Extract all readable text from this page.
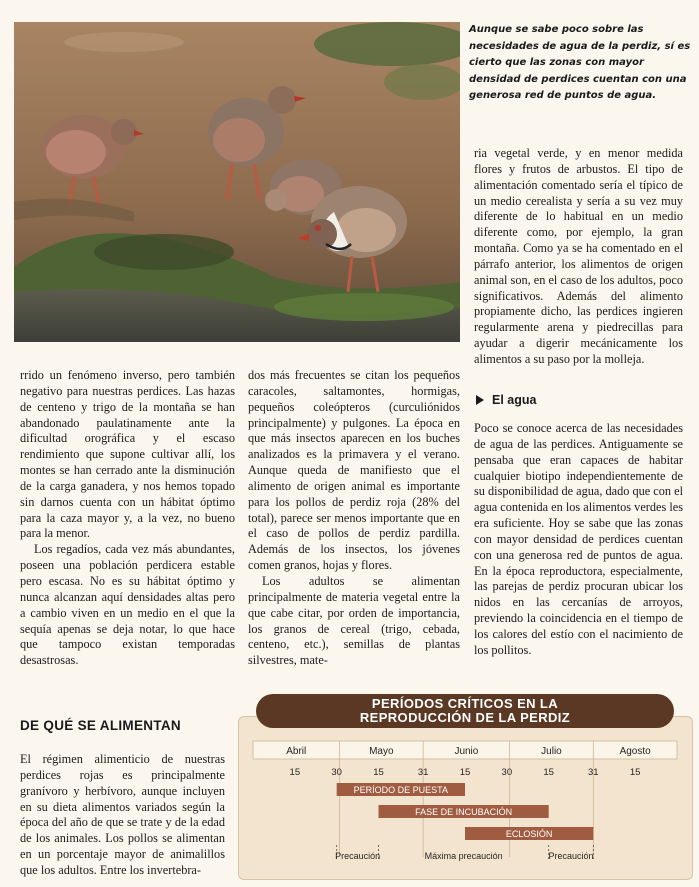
Aunque se sabe poco sobre las necesidades de agua de la perdiz, sí es cierto que las zonas con mayor densidad de perdices cuentan con una generosa red de puntos de agua.

rrido un fenómeno inverso, pero también negativo para nuestras perdices. Las hazas de centeno y trigo de la montaña se han abandonado paulatinamente ante la dificultad orográfica y el escaso rendimiento que supone cultivar allí, los montes se han cerrado ante la disminución de la carga ganadera, y nos hemos topado sin darnos cuenta con un hábitat óptimo para la caza mayor y, a la vez, no bueno para la menor.

Los regadíos, cada vez más abundantes, poseen una población perdicera estable pero escasa. No es su hábitat óptimo y nunca alcanzan aquí densidades altas pero a cambio viven en un medio en el que la sequía apenas se deja notar, lo que hace que tampoco existan temporadas desastrosas.

dos más frecuentes se citan los pequeños caracoles, saltamontes, hormigas, pequeños coleópteros (curculiónidos principalmente) y pulgones. La época en que más insectos aparecen en los buches analizados es la primavera y el verano. Aunque queda de manifiesto que el alimento de origen animal es importante para los pollos de perdiz roja (28% del total), parece ser menos importante que en el caso de pollos de perdiz pardilla. Además de los insectos, los jóvenes comen granos, hojas y flores.

Los adultos se alimentan principalmente de materia vegetal entre la que cabe citar, por orden de importancia, los granos de cereal (trigo, cebada, centeno, etc.), semillas de plantas silvestres, mate-

ria vegetal verde, y en menor medida flores y frutos de arbustos. El tipo de alimentación comentado sería el típico de un medio cerealista y sería a su vez muy diferente de lo habitual en un medio diferente como, por ejemplo, la gran montaña. Como ya se ha comentado en el párrafo anterior, los alimentos de origen animal son, en el caso de los adultos, poco significativos. Además del alimento propiamente dicho, las perdices ingieren regularmente arena y piedrecillas para ayudar a digerir mecánicamente los alimentos a su paso por la molleja.

El agua

Poco se conoce acerca de las necesidades de agua de las perdices. Antiguamente se pensaba que eran capaces de habitar cualquier biotipo independientemente de su disponibilidad de agua, dado que con el agua contenida en los alimentos verdes les era suficiente. Hoy se sabe que las zonas con mayor densidad de perdices cuentan con una generosa red de puntos de agua. En la época reproductora, especialmente, las parejas de perdiz procuran ubicar los nidos en las cercanías de arroyos, previendo la coincidencia en el tiempo de los calores del estío con el nacimiento de los pollitos.

DE QUÉ SE ALIMENTAN

El régimen alimenticio de nuestras perdices rojas es principalmente granívoro y herbívoro, aunque incluyen en su dieta alimentos variados según la época del año de que se trate y de la edad de los animales. Los pollos se alimentan en un porcentaje mayor de animalillos que los adultos. Entre los invertebra-

Abril	Mayo	Junio	Julio	Agosto
15	30	15	31	15	30	15	31	15
PERÍODO DE PUESTA
FASE DE INCUBACIÓN
ECLOSIÓN
Precaución	Máxima precaución	Precaución
PERÍODOS CRÍTICOS EN LA
REPRODUCCIÓN DE LA PERDIZ
